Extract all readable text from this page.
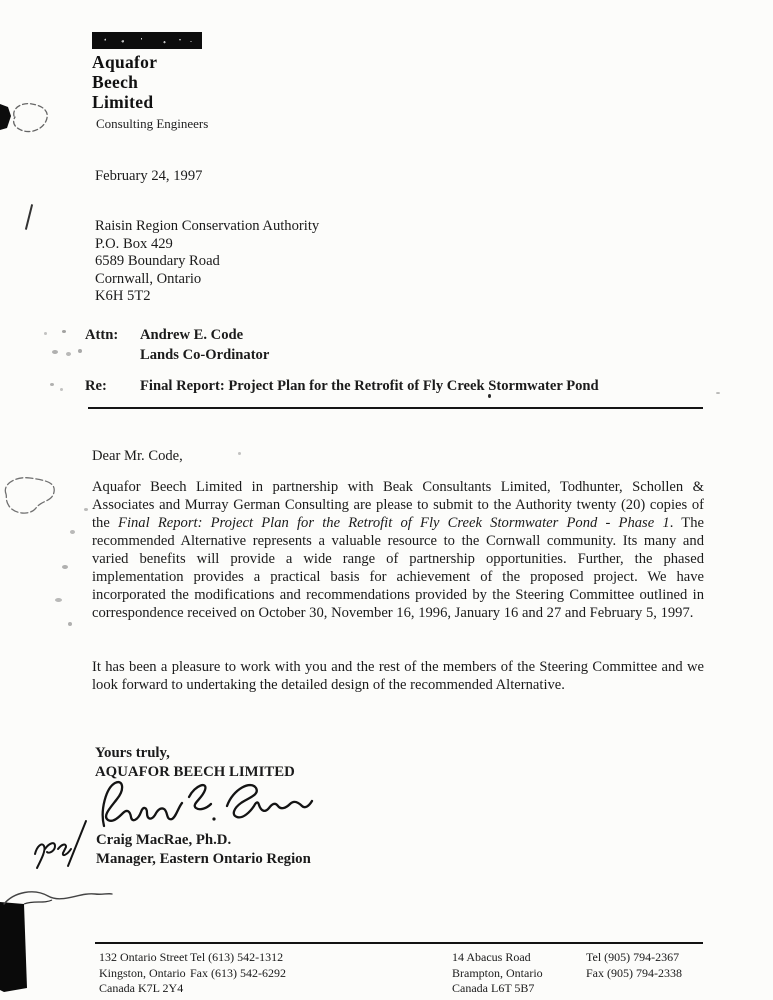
Aquafor
Beech
Limited
Consulting Engineers
February 24, 1997
Raisin Region Conservation Authority
P.O. Box 429
6589 Boundary Road
Cornwall, Ontario
K6H 5T2
Attn:	Andrew E. Code
Lands Co-Ordinator
Re:	Final Report: Project Plan for the Retrofit of Fly Creek Stormwater Pond
Dear Mr. Code,

Aquafor Beech Limited in partnership with Beak Consultants Limited, Todhunter, Schollen & Associates and Murray German Consulting are please to submit to the Authority twenty (20) copies of the Final Report: Project Plan for the Retrofit of Fly Creek Stormwater Pond - Phase 1. The recommended Alternative represents a valuable resource to the Cornwall community. Its many and varied benefits will provide a wide range of partnership opportunities. Further, the phased implementation provides a practical basis for achievement of the proposed project. We have incorporated the modifications and recommendations provided by the Steering Committee outlined in correspondence received on October 30, November 16, 1996, January 16 and 27 and February 5, 1997.

It has been a pleasure to work with you and the rest of the members of the Steering Committee and we look forward to undertaking the detailed design of the recommended Alternative.

Yours truly,
AQUAFOR BEECH LIMITED
Craig MacRae, Ph.D.
Manager, Eastern Ontario Region
132 Ontario Street
Kingston, Ontario
Canada K7L 2Y4
Tel (613) 542-1312
Fax (613) 542-6292
14 Abacus Road
Brampton, Ontario
Canada L6T 5B7
Tel (905) 794-2367
Fax (905) 794-2338
